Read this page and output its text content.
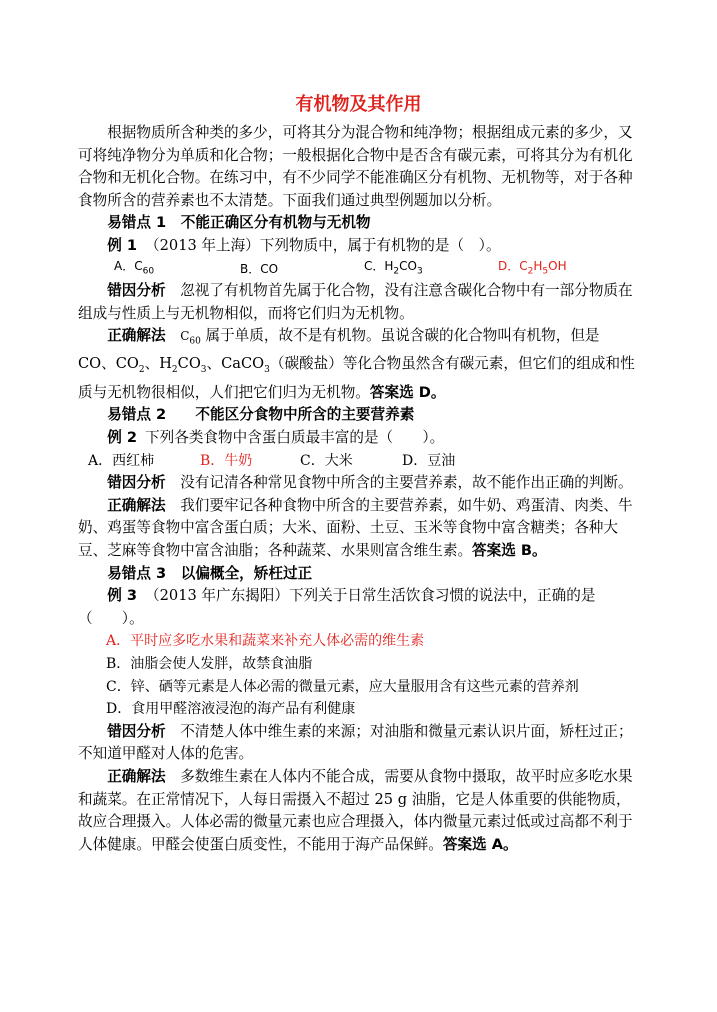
有机物及其作用

根据物质所含种类的多少，可将其分为混合物和纯净物；根据组成元素的多少，又可将纯净物分为单质和化合物；一般根据化合物中是否含有碳元素，可将其分为有机化合物和无机化合物。在练习中，有不少同学不能准确区分有机物、无机物等，对于各种食物所含的营养素也不太清楚。下面我们通过典型例题加以分析。

易错点 1　不能正确区分有机物与无机物

例 1 （2013 年上海）下列物质中，属于有机物的是（　）。

A．$C_{60}$	B．CO	C．$H_2CO_3$	D．$C_2H_5OH$

错因分析　 忽视了有机物首先属于化合物，没有注意含碳化合物中有一部分物质在组成与性质上与无机物相似，而将它们归为无机物。

正确解法　 $C_{60}$ 属于单质，故不是有机物。虽说含碳的化合物叫有机物，但是 CO、$CO_2$、$H_2CO_3$、CaCO$_3$（碳酸盐）等化合物虽然含有碳元素，但它们的组成和性质与无机物很相似，人们把它们归为无机物。答案选 D。

易错点 2　　不能区分食物中所含的主要营养素

例 2 下列各类食物中含蛋白质最丰富的是（　　）。

A．西红柿	B．牛奶	C．大米	D．豆油

错因分析　 没有记清各种常见食物中所含的主要营养素，故不能作出正确的判断。

正确解法　 我们要牢记各种食物中所含的主要营养素，如牛奶、鸡蛋清、肉类、牛奶、鸡蛋等食物中富含蛋白质；大米、面粉、土豆、玉米等食物中富含糖类；各种大豆、芝麻等食物中富含油脂；各种蔬菜、水果则富含维生素。答案选 B。

易错点 3　以偏概全，矫枉过正

例 3 （2013 年广东揭阳）下列关于日常生活饮食习惯的说法中，正确的是（　　）。

A．平时应多吃水果和蔬菜来补充人体必需的维生素

B．油脂会使人发胖，故禁食油脂

C．锌、硒等元素是人体必需的微量元素，应大量服用含有这些元素的营养剂

D．食用甲醛溶液浸泡的海产品有利健康

错因分析　 不清楚人体中维生素的来源；对油脂和微量元素认识片面，矫枉过正；不知道甲醛对人体的危害。

正确解法　 多数维生素在人体内不能合成，需要从食物中摄取，故平时应多吃水果和蔬菜。在正常情况下，人每日需摄入不超过 25 g 油脂，它是人体重要的供能物质，故应合理摄入。人体必需的微量元素也应合理摄入，体内微量元素过低或过高都不利于人体健康。甲醛会使蛋白质变性，不能用于海产品保鲜。答案选 A。
